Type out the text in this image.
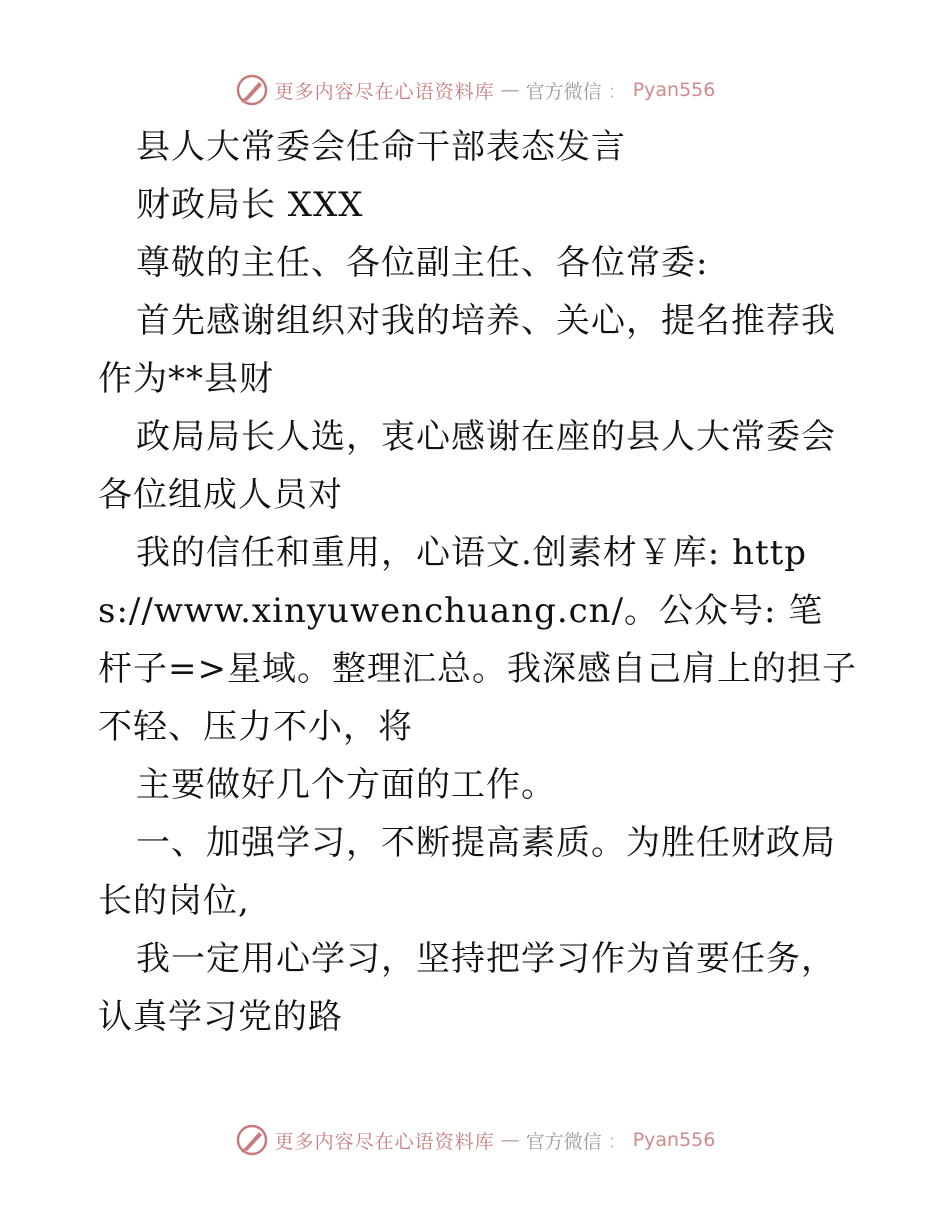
更多内容尽在心语资料库 — 官方微信 ： Pyan556

县人大常委会任命干部表态发言

财政局长 XXX

尊敬的主任、各位副主任、各位常委:

首先感谢组织对我的培养、关心，提名推荐我作为**县财

政局局长人选，衷心感谢在座的县人大常委会各位组成人员对

我的信任和重用，心语文.创素材￥库: https://www.xinyuwenchuang.cn/。公众号: 笔杆子=>星域。整理汇总。我深感自己肩上的担子不轻、压力不小，将

主要做好几个方面的工作。

一、加强学习，不断提高素质。为胜任财政局长的岗位,

我一定用心学习，坚持把学习作为首要任务，认真学习党的路

更多内容尽在心语资料库 — 官方微信 ： Pyan556
